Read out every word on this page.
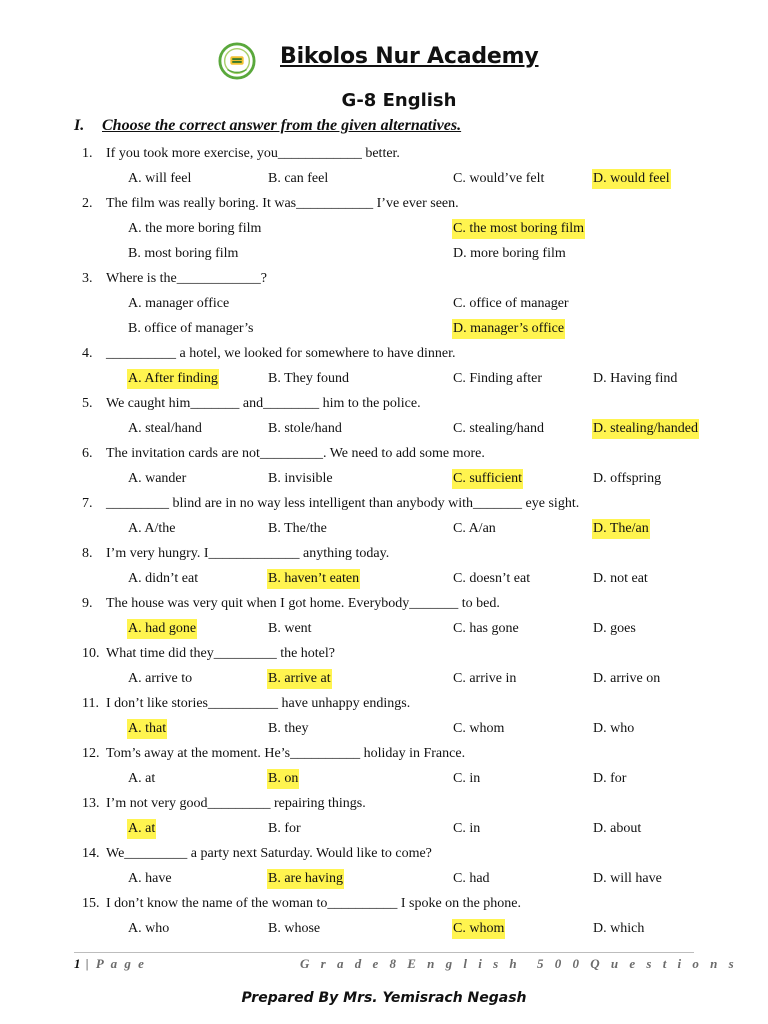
Bikolos Nur Academy
G-8 English
I. Choose the correct answer from the given alternatives.
1. If you took more exercise, you____________ better.
A. will feel	B. can feel	C. would’ve felt	D. would feel
2. The film was really boring. It was___________ I’ve ever seen.
A. the more boring film	C. the most boring film
B. most boring film	D. more boring film
3. Where is the____________?
A. manager office	C. office of manager
B. office of manager’s	D. manager’s office
4. __________ a hotel, we looked for somewhere to have dinner.
A. After finding	B. They found	C. Finding after	D. Having find
5. We caught him_______ and________ him to the police.
A. steal/hand	B. stole/hand	C. stealing/hand	D. stealing/handed
6. The invitation cards are not_________. We need to add some more.
A. wander	B. invisible	C. sufficient	D. offspring
7. _________ blind are in no way less intelligent than anybody with_______ eye sight.
A. A/the	B. The/the	C. A/an	D. The/an
8. I’m very hungry. I_____________ anything today.
A. didn’t eat	B. haven’t eaten	C. doesn’t eat	D. not eat
9. The house was very quit when I got home. Everybody_______ to bed.
A. had gone	B. went	C. has gone	D. goes
10. What time did they_________ the hotel?
A. arrive to	B. arrive at	C. arrive in	D. arrive on
11. I don’t like stories__________ have unhappy endings.
A. that	B. they	C. whom	D. who
12. Tom’s away at the moment. He’s__________ holiday in France.
A. at	B. on	C. in	D. for
13. I’m not very good_________ repairing things.
A. at	B. for	C. in	D. about
14. We_________ a party next Saturday. Would like to come?
A. have	B. are having	C. had	D. will have
15. I don’t know the name of the woman to__________ I spoke on the phone.
A. who	B. whose	C. whom	D. which
1 | P a g e	G r a d e 8 E n g l i s h 5 0 0 Q u e s t i o n s
Prepared By Mrs. Yemisrach Negash
